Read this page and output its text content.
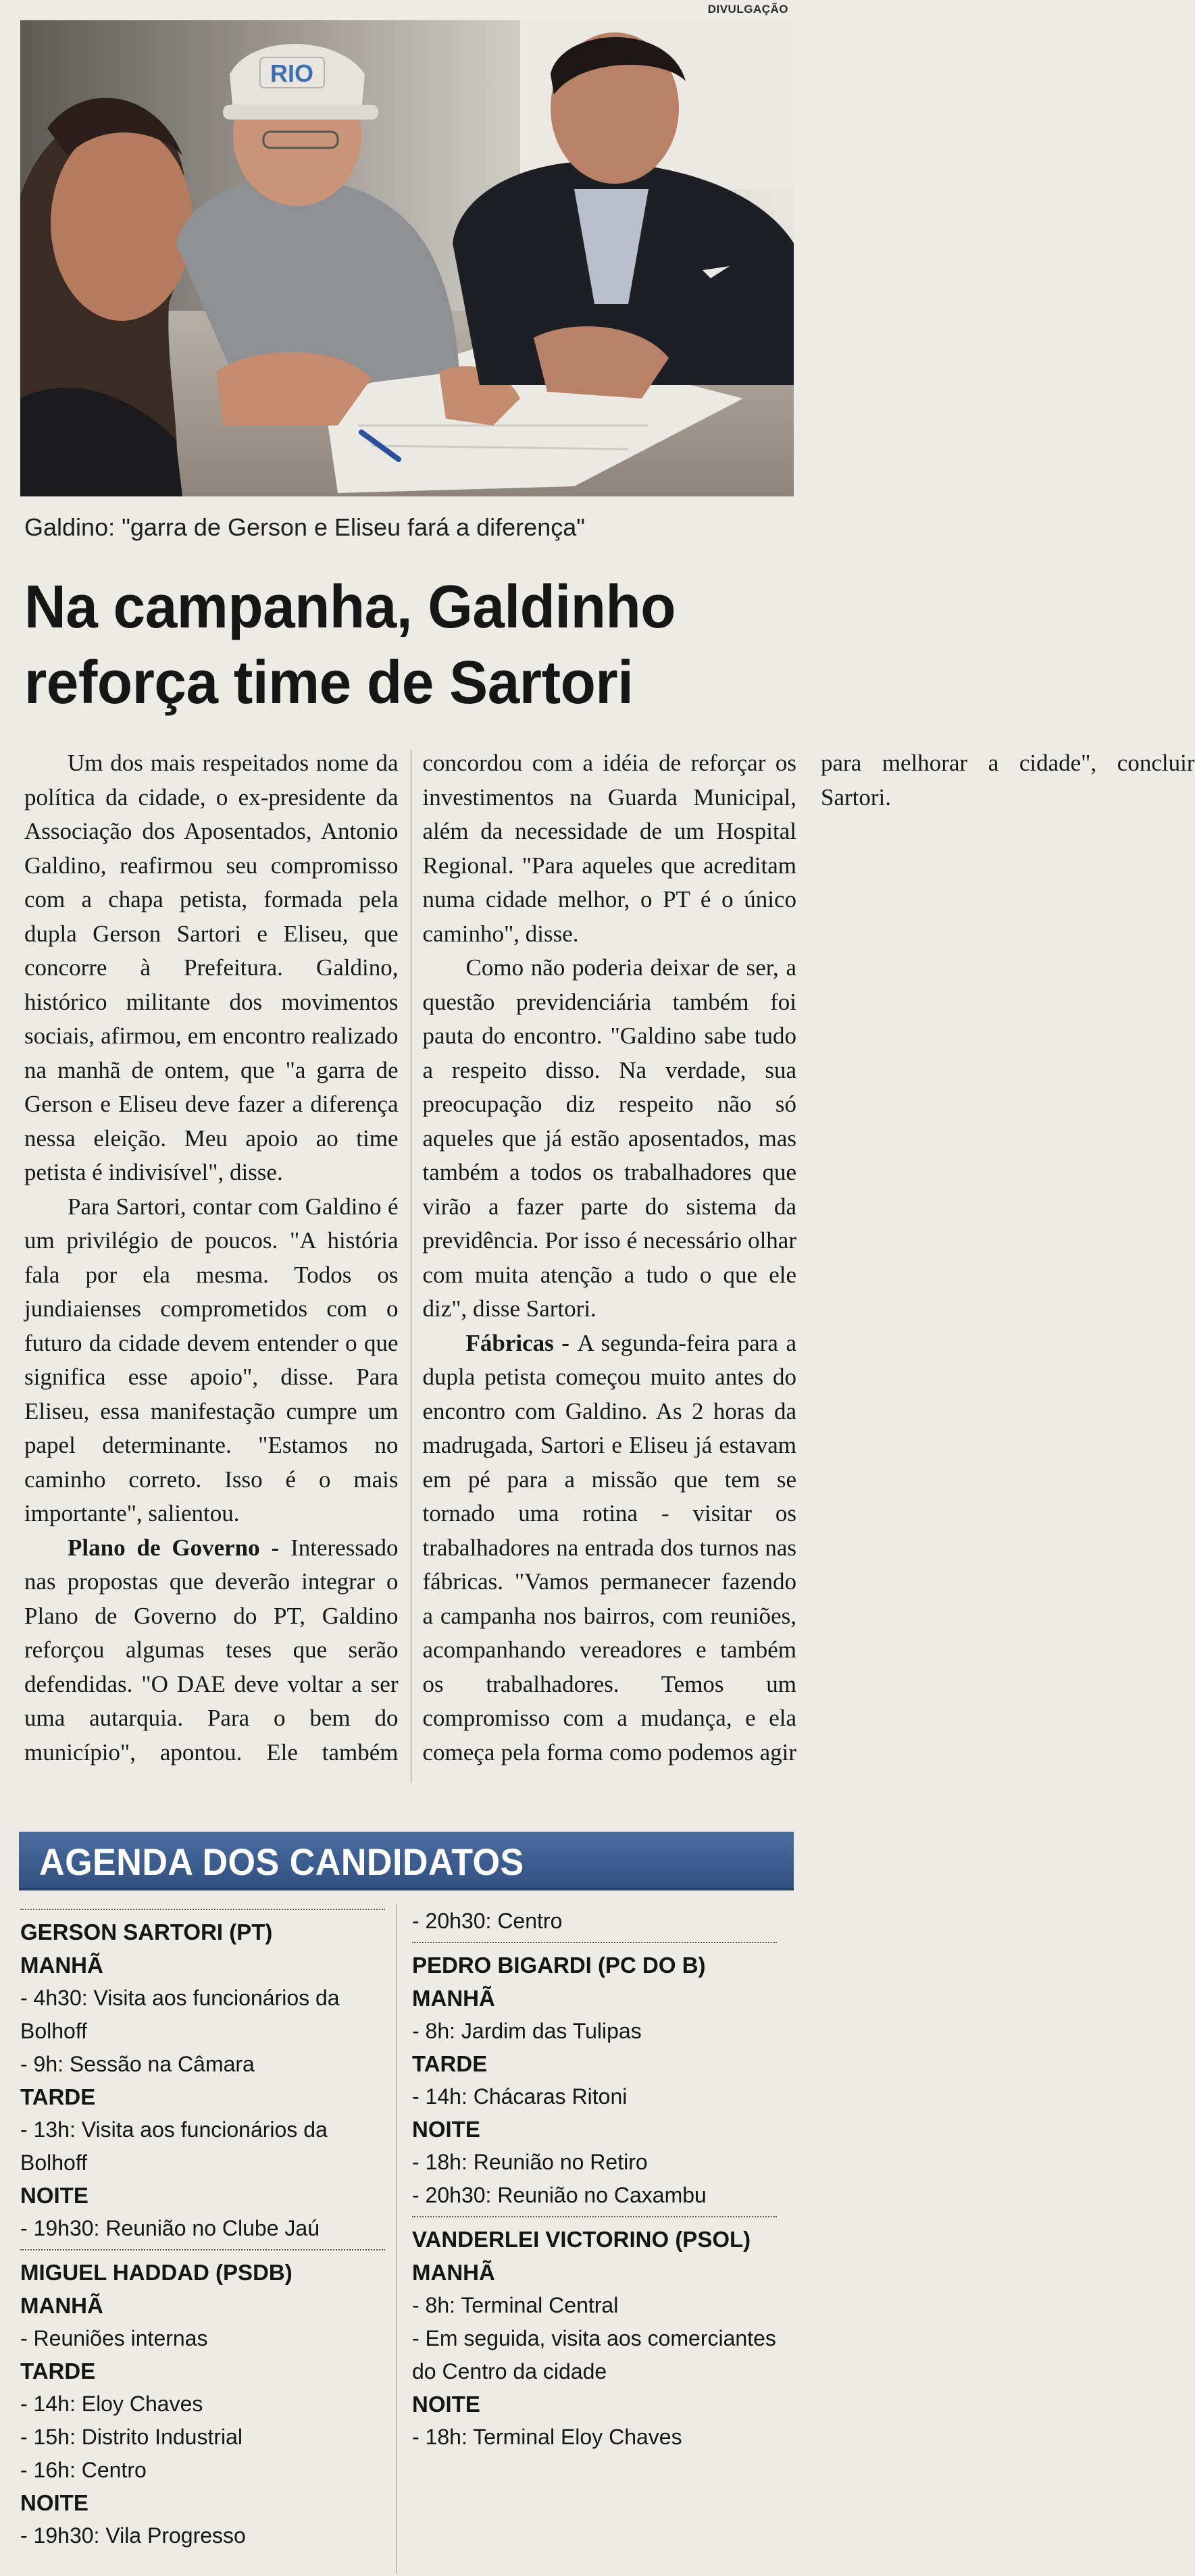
DIVULGAÇÃO
RIO
Galdino: "garra de Gerson e Eliseu fará a diferença"
Na campanha, Galdinho
reforça time de Sartori

Um dos mais respeitados nome da política da cidade, o ex-presidente da Associação dos Aposentados, Antonio Galdino, reafirmou seu compromisso com a chapa petista, formada pela dupla Gerson Sartori e Eliseu, que concorre à Prefeitura. Galdino, histórico militante dos movimentos sociais, afirmou, em encontro realizado na manhã de ontem, que "a garra de Gerson e Eliseu deve fazer a diferença nessa eleição. Meu apoio ao time petista é indivisível", disse.

Para Sartori, contar com Galdino é um privilégio de poucos. "A história fala por ela mesma. Todos os jundiaienses comprometidos com o futuro da cidade devem entender o que significa esse apoio", disse. Para Eliseu, essa manifestação cumpre um papel determinante. "Estamos no caminho correto. Isso é o mais importante", salientou.

Plano de Governo - Interessado nas propostas que deverão integrar o Plano de Governo do PT, Galdino reforçou algumas teses que serão defendidas. "O DAE deve voltar a ser uma autarquia. Para o bem do município", apontou. Ele também concordou com a idéia de reforçar os investimentos na Guarda Municipal, além da necessidade de um Hospital Regional. "Para aqueles que acreditam numa cidade melhor, o PT é o único caminho", disse.

Como não poderia deixar de ser, a questão previdenciária também foi pauta do encontro. "Galdino sabe tudo a respeito disso. Na verdade, sua preocupação diz respeito não só aqueles que já estão aposentados, mas também a todos os trabalhadores que virão a fazer parte do sistema da previdência. Por isso é necessário olhar com muita atenção a tudo o que ele diz", disse Sartori.

Fábricas - A segunda-feira para a dupla petista começou muito antes do encontro com Galdino. As 2 horas da madrugada, Sartori e Eliseu já estavam em pé para a missão que tem se tornado uma rotina - visitar os trabalhadores na entrada dos turnos nas fábricas. "Vamos permanecer fazendo a campanha nos bairros, com reuniões, acompanhando vereadores e também os trabalhadores. Temos um compromisso com a mudança, e ela começa pela forma como podemos agir para melhorar a cidade", concluir Sartori.

AGENDA DOS CANDIDATOS
GERSON SARTORI (PT)
MANHÃ
- 4h30: Visita aos funcionários da Bolhoff
- 9h: Sessão na Câmara
TARDE
- 13h: Visita aos funcionários da Bolhoff
NOITE
- 19h30: Reunião no Clube Jaú
MIGUEL HADDAD (PSDB)
MANHÃ
- Reuniões internas
TARDE
- 14h: Eloy Chaves
- 15h: Distrito Industrial
- 16h: Centro
NOITE
- 19h30: Vila Progresso
- 20h30: Centro
PEDRO BIGARDI (PC DO B)
MANHÃ
- 8h: Jardim das Tulipas
TARDE
- 14h: Chácaras Ritoni
NOITE
- 18h: Reunião no Retiro
- 20h30: Reunião no Caxambu
VANDERLEI VICTORINO (PSOL)
MANHÃ
- 8h: Terminal Central
- Em seguida, visita aos comerciantes do Centro da cidade
NOITE
- 18h: Terminal Eloy Chaves
